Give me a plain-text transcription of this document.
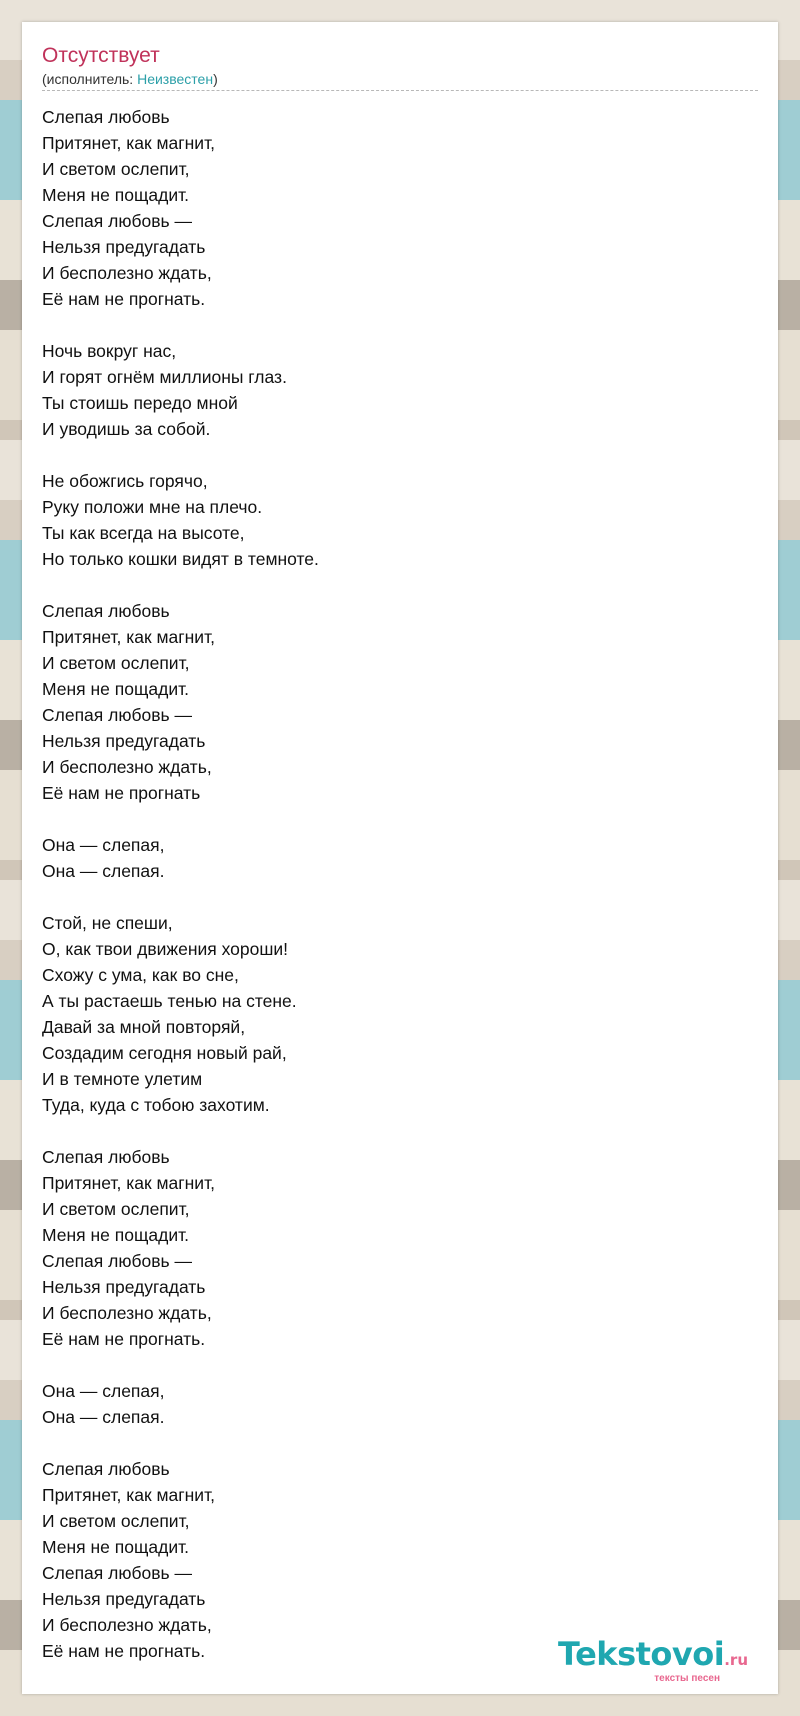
Отсутствует
(исполнитель: Неизвестен)
Слепая любовь
Притянет, как магнит,
И светом ослепит,
Меня не пощадит.
Слепая любовь —
Нельзя предугадать
И бесполезно ждать,
Её нам не прогнать.
Ночь вокруг нас,
И горят огнём миллионы глаз.
Ты стоишь передо мной
И уводишь за собой.
Не обожгись горячо,
Руку положи мне на плечо.
Ты как всегда на высоте,
Но только кошки видят в темноте.
Слепая любовь
Притянет, как магнит,
И светом ослепит,
Меня не пощадит.
Слепая любовь —
Нельзя предугадать
И бесполезно ждать,
Её нам не прогнать
Она — слепая,
Она — слепая.
Стой, не спеши,
О, как твои движения хороши!
Схожу с ума, как во сне,
А ты растаешь тенью на стене.
Давай за мной повторяй,
Создадим сегодня новый рай,
И в темноте улетим
Туда, куда с тобою захотим.
Слепая любовь
Притянет, как магнит,
И светом ослепит,
Меня не пощадит.
Слепая любовь —
Нельзя предугадать
И бесполезно ждать,
Её нам не прогнать.
Она — слепая,
Она — слепая.
Слепая любовь
Притянет, как магнит,
И светом ослепит,
Меня не пощадит.
Слепая любовь —
Нельзя предугадать
И бесполезно ждать,
Её нам не прогнать.	Tekstovoi.ru
тексты песен
